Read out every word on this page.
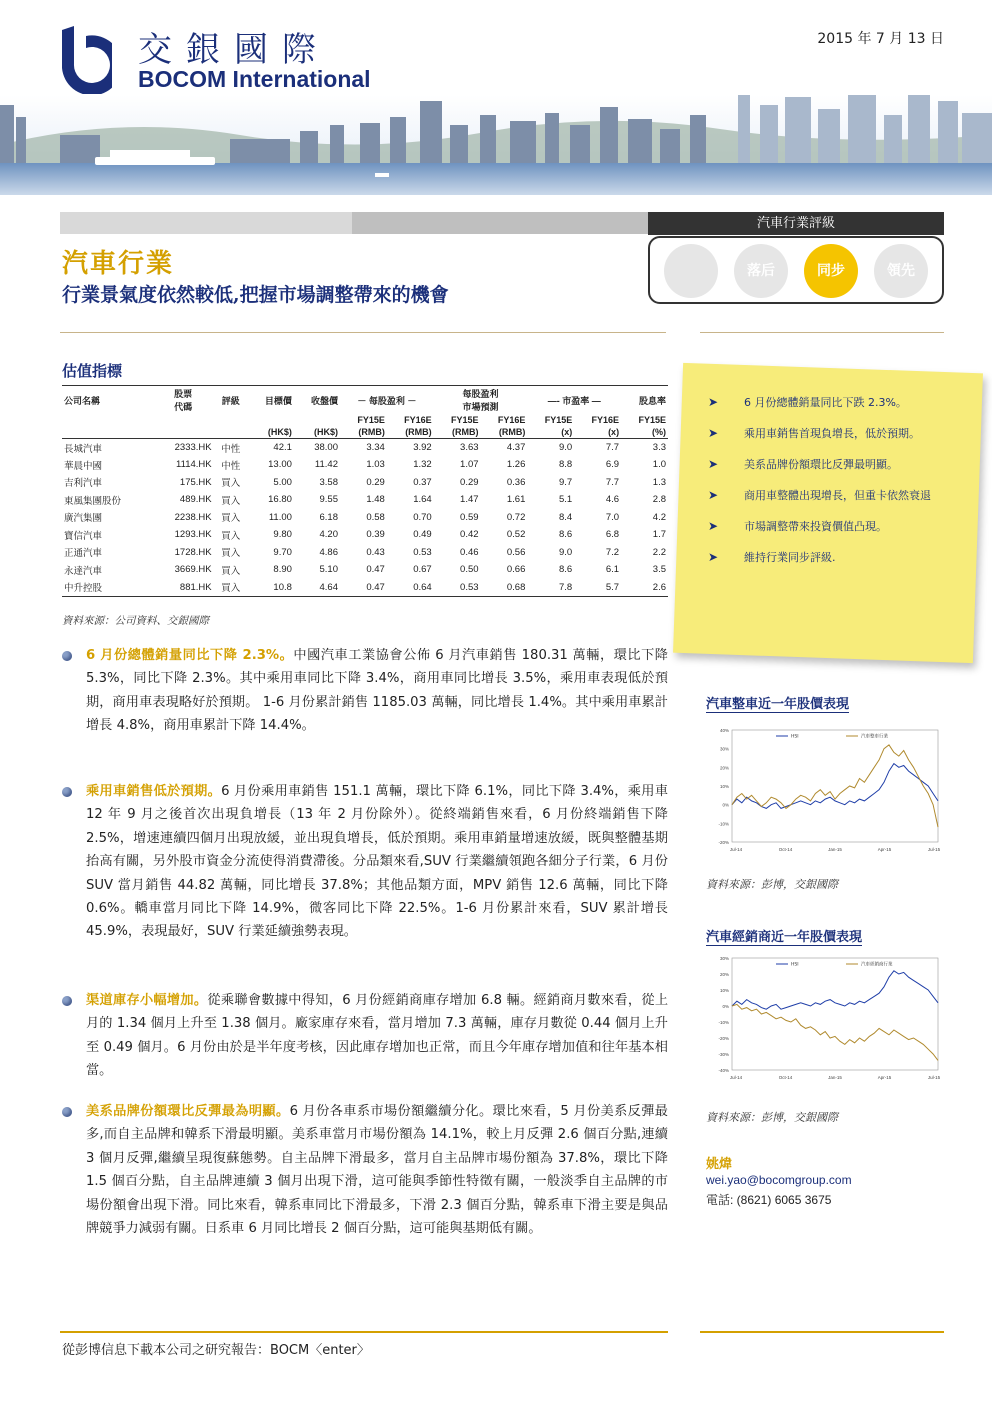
交銀國際
BOCOM International
2015 年 7 月 13 日
汽車行業評級
落后	同步	領先
汽車行業
行業景氣度依然較低,把握市場調整帶來的機會
估值指標
公司名稱	股票
代碼	評級	目標價	收盤價	－ 每股盈利 －		每股盈利
市場預測		—- 市盈率 —		股息率
					FY15E	FY16E	FY15E	FY16E	FY15E	FY16E	FY15E
			(HK$)	(HK$)	(RMB)	(RMB)	(RMB)	(RMB)	(x)	(x)	(%)
長城汽車	2333.HK	中性	42.1	38.00	3.34	3.92	3.63	4.37	9.0	7.7	3.3
華晨中國	1114.HK	中性	13.00	11.42	1.03	1.32	1.07	1.26	8.8	6.9	1.0
吉利汽車	175.HK	買入	5.00	3.58	0.29	0.37	0.29	0.36	9.7	7.7	1.3
東風集團股份	489.HK	買入	16.80	9.55	1.48	1.64	1.47	1.61	5.1	4.6	2.8
廣汽集團	2238.HK	買入	11.00	6.18	0.58	0.70	0.59	0.72	8.4	7.0	4.2
寶信汽車	1293.HK	買入	9.80	4.20	0.39	0.49	0.42	0.52	8.6	6.8	1.7
正通汽車	1728.HK	買入	9.70	4.86	0.43	0.53	0.46	0.56	9.0	7.2	2.2
永達汽車	3669.HK	買入	8.90	5.10	0.47	0.67	0.50	0.66	8.6	6.1	3.5
中升控股	881.HK	買入	10.8	4.64	0.47	0.64	0.53	0.68	7.8	5.7	2.6
資料來源：公司資料、交銀國際
6 月份總體銷量同比下降 2.3%。中國汽車工業協會公佈 6 月汽車銷售 180.31 萬輛，環比下降 5.3%，同比下降 2.3%。其中乘用車同比下降 3.4%，商用車同比增長 3.5%，乘用車表現低於預期，商用車表現略好於預期。 1-6 月份累計銷售 1185.03 萬輛，同比增長 1.4%。其中乘用車累計增長 4.8%，商用車累計下降 14.4%。
乘用車銷售低於預期。6 月份乘用車銷售 151.1 萬輛，環比下降 6.1%，同比下降 3.4%，乘用車 12 年 9 月之後首次出現負增長（13 年 2 月份除外）。從終端銷售來看，6 月份終端銷售下降 2.5%，增速連續四個月出現放緩，並出現負增長，低於預期。乘用車銷量增速放緩，既與整體基期抬高有關，另外股市資金分流使得消費滯後。分品類來看,SUV 行業繼續領跑各細分子行業，6 月份 SUV 當月銷售 44.82 萬輛，同比增長 37.8%；其他品類方面，MPV 銷售 12.6 萬輛，同比下降 0.6%。轎車當月同比下降 14.9%，微客同比下降 22.5%。1-6 月份累計來看，SUV 累計增長 45.9%，表現最好，SUV 行業延續強勢表現。
渠道庫存小幅增加。從乘聯會數據中得知，6 月份經銷商庫存增加 6.8 輛。經銷商月數來看，從上月的 1.34 個月上升至 1.38 個月。廠家庫存來看，當月增加 7.3 萬輛，庫存月數從 0.44 個月上升至 0.49 個月。6 月份由於是半年度考核，因此庫存增加也正常，而且今年庫存增加值和往年基本相當。
美系品牌份額環比反彈最為明顯。6 月份各車系市場份額繼續分化。環比來看，5 月份美系反彈最多,而自主品牌和韓系下滑最明顯。美系車當月市場份額為 14.1%，較上月反彈 2.6 個百分點,連續 3 個月反彈,繼續呈現復蘇態勢。自主品牌下滑最多，當月自主品牌市場份額為 37.8%，環比下降 1.5 個百分點，自主品牌連續 3 個月出現下滑，這可能與季節性特徵有關，一般淡季自主品牌的市場份額會出現下滑。同比來看，韓系車同比下滑最多，下滑 2.3 個百分點，韓系車下滑主要是與品牌競爭力減弱有關。日系車 6 月同比增長 2 個百分點，這可能與基期低有關。
➤ 6 月份總體銷量同比下跌 2.3%。
➤ 乘用車銷售首現負增長，低於預期。
➤ 美系品牌份額環比反彈最明顯。
➤ 商用車整體出現增長，但重卡依然衰退
➤ 市場調整帶來投資價值凸現。
➤ 維持行業同步評級.
汽車整車近一年股價表現
40%
30%
20%
10%
0%
-10%
-20%
Jul-14	Oct-14	Jan-15	Apr-15	Jul-15
HSI	汽車整車行業
資料來源：彭博，交銀國際
汽車經銷商近一年股價表現
30%
20%
10%
0%
-10%
-20%
-30%
-40%
Jul-14	Oct-14	Jan-15	Apr-15	Jul-15
HSI	汽車經銷商行業
資料來源：彭博，交銀國際
姚煒
wei.yao@bocomgroup.com
電話: (8621) 6065 3675
從彭博信息下載本公司之研究報告：BOCM〈enter〉
